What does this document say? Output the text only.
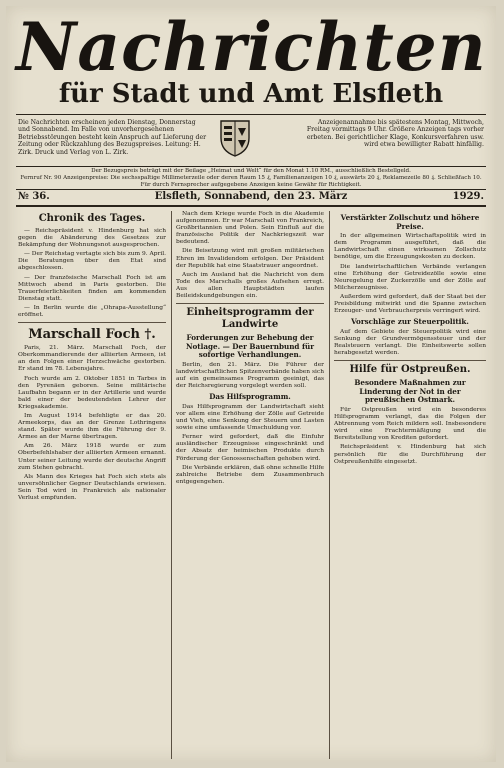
Nachrichten
für Stadt und Amt Elsfleth
Die Nachrichten erscheinen jeden Dienstag, Donnerstag und Sonnabend. Im Falle von unvorhergesehenen Betriebsstörungen besteht kein Anspruch auf Lieferung der Zeitung oder Rückzahlung des Bezugspreises. Leitung: H. Zirk. Druck und Verlag von L. Zirk.
Anzeigenannahme bis spätestens Montag, Mittwoch, Freitag vormittags 9 Uhr. Größere Anzeigen tags vorher erbeten. Bei gerichtlicher Klage, Konkursverfahren usw. wird etwa bewilligter Rabatt hinfällig.
Der Bezugspreis beträgt mit der Beilage „Heimat und Welt“ für den Monat 1.10 RM., ausschließlich Bestellgeld.
Fernruf Nr. 90 Anzeigenpreise: Die sechsspaltige Millimeterzeile oder deren Raum 15 ₰, Familienanzeigen 10 ₰, auswärts 20 ₰, Reklamezeile 80 ₰. Schließfach 10.
Für durch Fernsprecher aufgegebene Anzeigen keine Gewähr für Richtigkeit.
№ 36.	Elsfleth, Sonnabend, den 23. März	1929.
Chronik des Tages.

— Reichspräsident v. Hindenburg hat sich gegen die Abänderung des Gesetzes zur Bekämpfung der Wohnungsnot ausgesprochen.

— Der Reichstag vertagte sich bis zum 9. April. Die Beratungen über den Etat sind abgeschlossen.

— Der französische Marschall Foch ist am Mittwoch abend in Paris gestorben. Die Trauerfeierlichkeiten finden am kommenden Dienstag statt.

— In Berlin wurde die „Ohrapa-Ausstellung“ eröffnet.

Marschall Foch †.

Paris, 21. März. Marschall Foch, der Oberkommandierende der alliierten Armeen, ist an den Folgen einer Herzschwäche gestorben. Er stand im 78. Lebensjahre.

Foch wurde am 2. Oktober 1851 in Tarbes in den Pyrenäen geboren. Seine militärische Laufbahn begann er in der Artillerie und wurde bald einer der bedeutendsten Lehrer der Kriegsakademie.

Im August 1914 befehligte er das 20. Armeekorps, das an der Grenze Lothringens stand. Später wurde ihm die Führung der 9. Armee an der Marne übertragen.

Am 26. März 1918 wurde er zum Oberbefehlshaber der alliierten Armeen ernannt. Unter seiner Leitung wurde der deutsche Angriff zum Stehen gebracht.

Als Mann des Krieges hat Foch sich stets als unversöhnlicher Gegner Deutschlands erwiesen. Sein Tod wird in Frankreich als nationaler Verlust empfunden.

Nach dem Kriege wurde Foch in die Akademie aufgenommen. Er war Marschall von Frankreich, Großbritannien und Polen. Sein Einfluß auf die französische Politik der Nachkriegszeit war bedeutend.

Die Beisetzung wird mit großen militärischen Ehren im Invalidendom erfolgen. Der Präsident der Republik hat eine Staatstrauer angeordnet.

Auch im Ausland hat die Nachricht von dem Tode des Marschalls großes Aufsehen erregt. Aus allen Hauptstädten laufen Beileidskundgebungen ein.

Einheitsprogramm der Landwirte
Forderungen zur Behebung der Notlage. — Der Bauernbund für sofortige Verhandlungen.

Berlin, den 21. März. Die Führer der landwirtschaftlichen Spitzenverbände haben sich auf ein gemeinsames Programm geeinigt, das der Reichsregierung vorgelegt werden soll.

Das Hilfsprogramm.

Das Hilfsprogramm der Landwirtschaft sieht vor allem eine Erhöhung der Zölle auf Getreide und Vieh, eine Senkung der Steuern und Lasten sowie eine umfassende Umschuldung vor.

Ferner wird gefordert, daß die Einfuhr ausländischer Erzeugnisse eingeschränkt und der Absatz der heimischen Produkte durch Förderung der Genossenschaften gehoben wird.

Die Verbände erklären, daß ohne schnelle Hilfe zahlreiche Betriebe dem Zusammenbruch entgegengehen.

Verstärkter Zollschutz und höhere Preise.

In der allgemeinen Wirtschaftspolitik wird in dem Programm ausgeführt, daß die Landwirtschaft einen wirksamen Zollschutz benötige, um die Erzeugungskosten zu decken.

Die landwirtschaftlichen Verbände verlangen eine Erhöhung der Getreidezölle sowie eine Neuregelung der Zuckerzölle und der Zölle auf Milcherzeugnisse.

Außerdem wird gefordert, daß der Staat bei der Preisbildung mitwirkt und die Spanne zwischen Erzeuger- und Verbraucherpreis verringert wird.

Vorschläge zur Steuerpolitik.

Auf dem Gebiete der Steuerpolitik wird eine Senkung der Grundvermögenssteuer und der Realsteuern verlangt. Die Einheitswerte sollen herabgesetzt werden.

Hilfe für Ostpreußen.
Besondere Maßnahmen zur Linderung der Not in der preußischen Ostmark.

Für Ostpreußen wird ein besonderes Hilfsprogramm verlangt, das die Folgen der Abtrennung vom Reich mildern soll. Insbesondere wird eine Frachtermäßigung und die Bereitstellung von Krediten gefordert.

Reichspräsident v. Hindenburg hat sich persönlich für die Durchführung der Ostpreußenhilfe eingesetzt.
